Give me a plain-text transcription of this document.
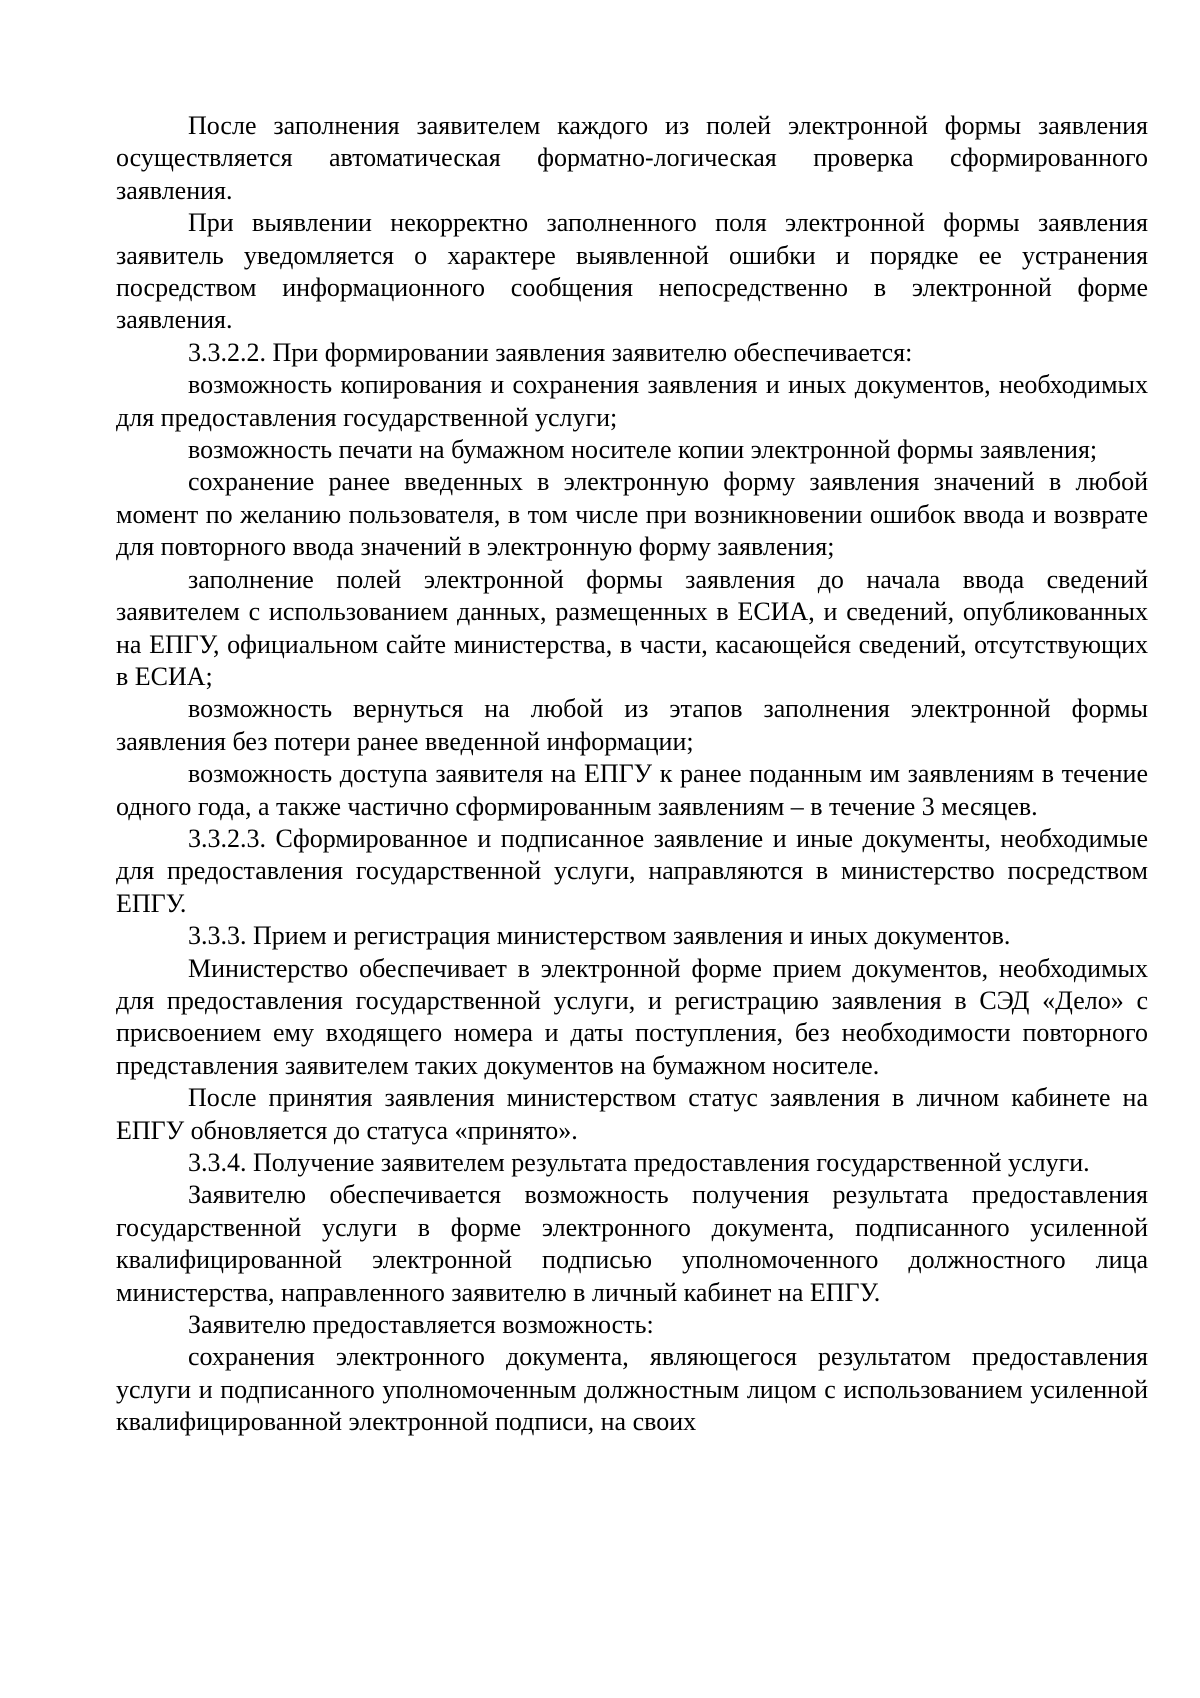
После заполнения заявителем каждого из полей электронной формы заявления осуществляется автоматическая форматно-логическая проверка сформированного заявления.

При выявлении некорректно заполненного поля электронной формы заявления заявитель уведомляется о характере выявленной ошибки и порядке ее устранения посредством информационного сообщения непосредственно в электронной форме заявления.

3.3.2.2. При формировании заявления заявителю обеспечивается:

возможность копирования и сохранения заявления и иных документов, необходимых для предоставления государственной услуги;

возможность печати на бумажном носителе копии электронной формы заявления;

сохранение ранее введенных в электронную форму заявления значений в любой момент по желанию пользователя, в том числе при возникновении ошибок ввода и возврате для повторного ввода значений в электронную форму заявления;

заполнение полей электронной формы заявления до начала ввода сведений заявителем с использованием данных, размещенных в ЕСИА, и сведений, опубликованных на ЕПГУ, официальном сайте министерства, в части, касающейся сведений, отсутствующих в ЕСИА;

возможность вернуться на любой из этапов заполнения электронной формы заявления без потери ранее введенной информации;

возможность доступа заявителя на ЕПГУ к ранее поданным им заявлениям в течение одного года, а также частично сформированным заявлениям – в течение 3 месяцев.

3.3.2.3. Сформированное и подписанное заявление и иные документы, необходимые для предоставления государственной услуги, направляются в министерство посредством ЕПГУ.

3.3.3. Прием и регистрация министерством заявления и иных документов.

Министерство обеспечивает в электронной форме прием документов, необходимых для предоставления государственной услуги, и регистрацию заявления в СЭД «Дело» с присвоением ему входящего номера и даты поступления, без необходимости повторного представления заявителем таких документов на бумажном носителе.

После принятия заявления министерством статус заявления в личном кабинете на ЕПГУ обновляется до статуса «принято».

3.3.4. Получение заявителем результата предоставления государственной услуги.

Заявителю обеспечивается возможность получения результата предоставления государственной услуги в форме электронного документа, подписанного усиленной квалифицированной электронной подписью уполномоченного должностного лица министерства, направленного заявителю в личный кабинет на ЕПГУ.

Заявителю предоставляется возможность:

сохранения электронного документа, являющегося результатом предоставления услуги и подписанного уполномоченным должностным лицом с использованием усиленной квалифицированной электронной подписи, на своих
